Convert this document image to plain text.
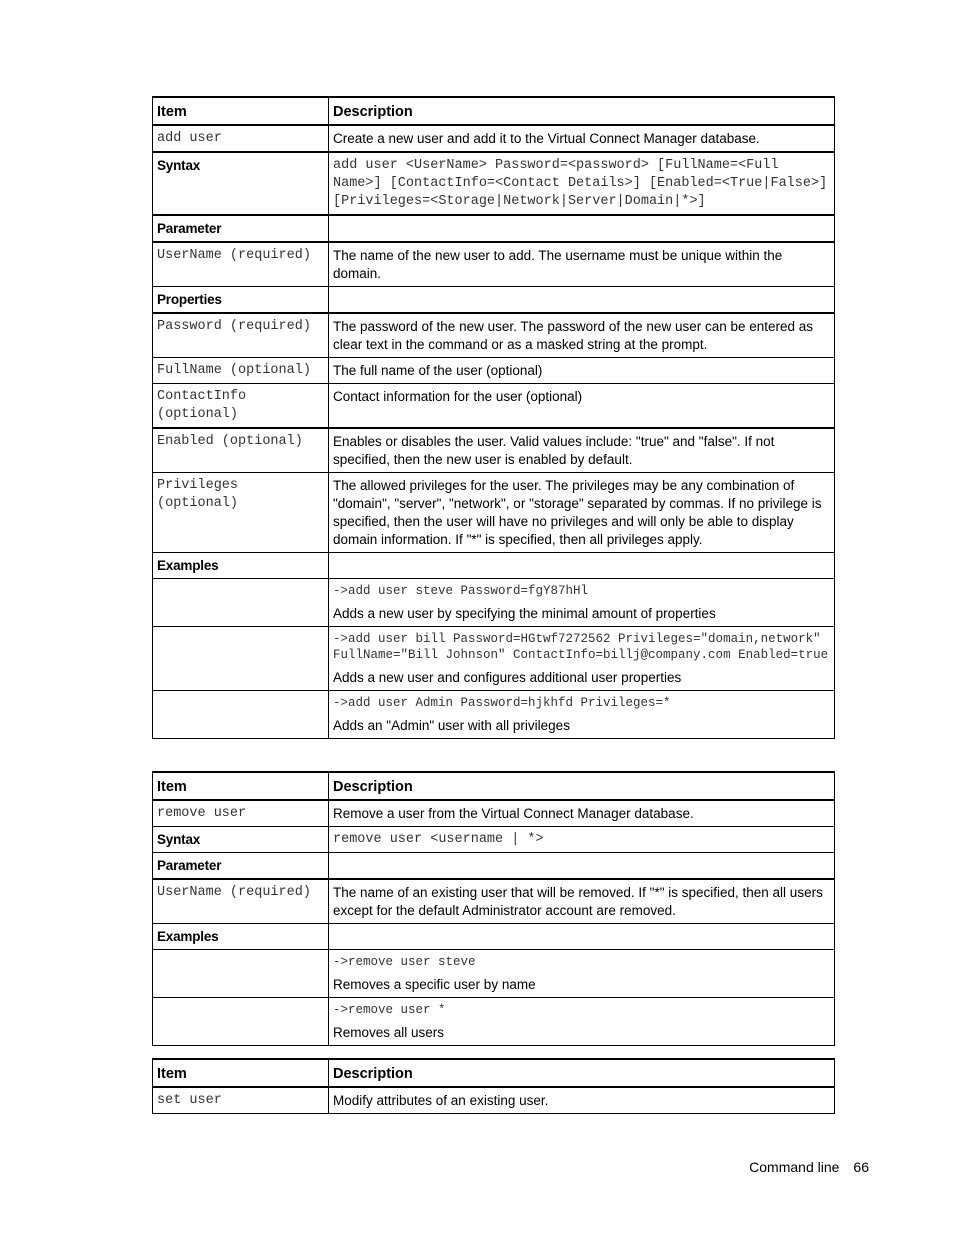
Item	Description
add user	Create a new user and add it to the Virtual Connect Manager database.
Syntax	add user <UserName> Password=<password> [FullName=<Full Name>] [ContactInfo=<Contact Details>] [Enabled=<True|False>] [Privileges=<Storage|Network|Server|Domain|*>]
Parameter	
UserName (required)	The name of the new user to add. The username must be unique within the domain.
Properties	
Password (required)	The password of the new user. The password of the new user can be entered as clear text in the command or as a masked string at the prompt.
FullName (optional)	The full name of the user (optional)
ContactInfo (optional)	Contact information for the user (optional)
Enabled (optional)	Enables or disables the user. Valid values include: "true" and "false". If not specified, then the new user is enabled by default.
Privileges (optional)	The allowed privileges for the user. The privileges may be any combination of "domain", "server", "network", or "storage" separated by commas. If no privilege is specified, then the user will have no privileges and will only be able to display domain information. If "*" is specified, then all privileges apply.
Examples	

	->add user steve Password=fgY87hHl
Adds a new user by specifying the minimal amount of properties

	->add user bill Password=HGtwf7272562 Privileges="domain,network" FullName="Bill Johnson" ContactInfo=billj@company.com Enabled=true
Adds a new user and configures additional user properties

	->add user Admin Password=hjkhfd Privileges=*
Adds an "Admin" user with all privileges
Item	Description
remove user	Remove a user from the Virtual Connect Manager database.
Syntax	remove user <username | *>
Parameter	
UserName (required)	The name of an existing user that will be removed. If "*" is specified, then all users except for the default Administrator account are removed.
Examples	

	->remove user steve
Removes a specific user by name

	->remove user *
Removes all users
Item	Description
set user	Modify attributes of an existing user.
Command line 66
